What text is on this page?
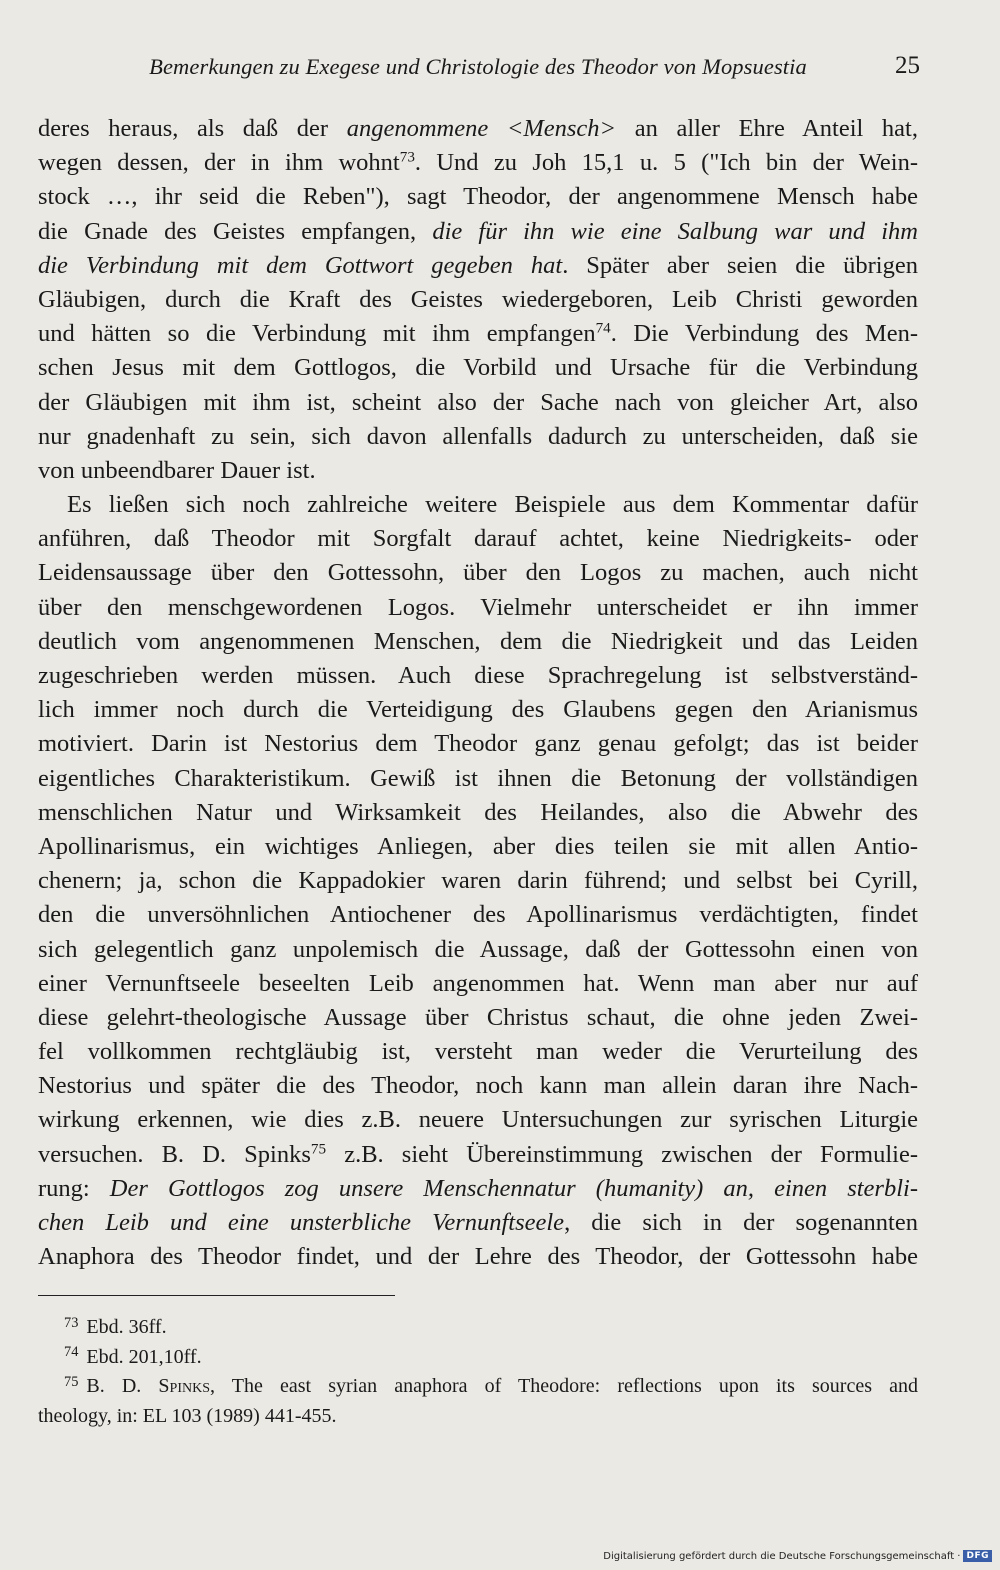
Bemerkungen zu Exegese und Christologie des Theodor von Mopsuestia	25
deres heraus, als daß der angenommene <Mensch> an aller Ehre Anteil hat,
wegen dessen, der in ihm wohnt$^{73}$. Und zu Joh 15,1 u. 5 ("Ich bin der Wein-
stock …, ihr seid die Reben"), sagt Theodor, der angenommene Mensch habe
die Gnade des Geistes empfangen, die für ihn wie eine Salbung war und ihm
die Verbindung mit dem Gottwort gegeben hat. Später aber seien die übrigen
Gläubigen, durch die Kraft des Geistes wiedergeboren, Leib Christi geworden
und hätten so die Verbindung mit ihm empfangen$^{74}$. Die Verbindung des Men-
schen Jesus mit dem Gottlogos, die Vorbild und Ursache für die Verbindung
der Gläubigen mit ihm ist, scheint also der Sache nach von gleicher Art, also
nur gnadenhaft zu sein, sich davon allenfalls dadurch zu unterscheiden, daß sie
von unbeendbarer Dauer ist.
Es ließen sich noch zahlreiche weitere Beispiele aus dem Kommentar dafür
anführen, daß Theodor mit Sorgfalt darauf achtet, keine Niedrigkeits- oder
Leidensaussage über den Gottessohn, über den Logos zu machen, auch nicht
über den menschgewordenen Logos. Vielmehr unterscheidet er ihn immer
deutlich vom angenommenen Menschen, dem die Niedrigkeit und das Leiden
zugeschrieben werden müssen. Auch diese Sprachregelung ist selbstverständ-
lich immer noch durch die Verteidigung des Glaubens gegen den Arianismus
motiviert. Darin ist Nestorius dem Theodor ganz genau gefolgt; das ist beider
eigentliches Charakteristikum. Gewiß ist ihnen die Betonung der vollständigen
menschlichen Natur und Wirksamkeit des Heilandes, also die Abwehr des
Apollinarismus, ein wichtiges Anliegen, aber dies teilen sie mit allen Antio-
chenern; ja, schon die Kappadokier waren darin führend; und selbst bei Cyrill,
den die unversöhnlichen Antiochener des Apollinarismus verdächtigten, findet
sich gelegentlich ganz unpolemisch die Aussage, daß der Gottessohn einen von
einer Vernunftseele beseelten Leib angenommen hat. Wenn man aber nur auf
diese gelehrt-theologische Aussage über Christus schaut, die ohne jeden Zwei-
fel vollkommen rechtgläubig ist, versteht man weder die Verurteilung des
Nestorius und später die des Theodor, noch kann man allein daran ihre Nach-
wirkung erkennen, wie dies z.B. neuere Untersuchungen zur syrischen Liturgie
versuchen. B. D. Spinks$^{75}$ z.B. sieht Übereinstimmung zwischen der Formulie-
rung: Der Gottlogos zog unsere Menschennatur (humanity) an, einen sterbli-
chen Leib und eine unsterbliche Vernunftseele, die sich in der sogenannten
Anaphora des Theodor findet, und der Lehre des Theodor, der Gottessohn habe
$^{73}$ Ebd. 36ff.
$^{74}$ Ebd. 201,10ff.
$^{75}$ B. D. Spinks, The east syrian anaphora of Theodore: reflections upon its sources and
theology, in: EL 103 (1989) 441-455.
Digitalisierung gefördert durch die Deutsche Forschungsgemeinschaft · DFG
